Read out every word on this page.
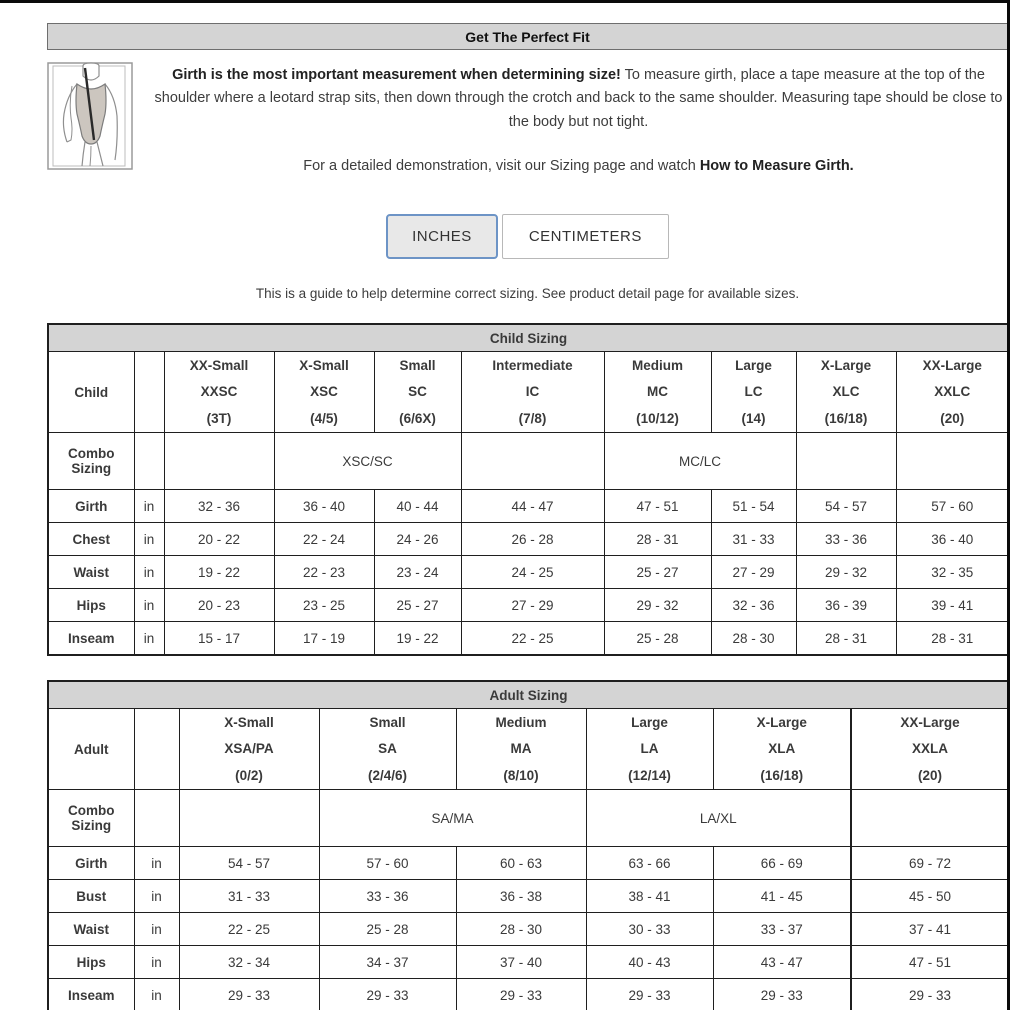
Get The Perfect Fit

Girth is the most important measurement when determining size! To measure girth, place a tape measure at the top of the shoulder where a leotard strap sits, then down through the crotch and back to the same shoulder. Measuring tape should be close to the body but not tight.

For a detailed demonstration, visit our Sizing page and watch How to Measure Girth.

INCHES	CENTIMETERS
This is a guide to help determine correct sizing. See product detail page for available sizes.
Child Sizing									
Child		XX-Small
XXSC
(3T)	X-Small
XSC
(4/5)	Small
SC
(6/6X)	Intermediate
IC
(7/8)	Medium
MC
(10/12)	Large
LC
(14)	X-Large
XLC
(16/18)	XX-Large
XXLC
(20)

Combo Sizing			XSC/SC			MC/LC			
Girth	in	32 - 36	36 - 40	40 - 44	44 - 47	47 - 51	51 - 54	54 - 57	57 - 60
Chest	in	20 - 22	22 - 24	24 - 26	26 - 28	28 - 31	31 - 33	33 - 36	36 - 40
Waist	in	19 - 22	22 - 23	23 - 24	24 - 25	25 - 27	27 - 29	29 - 32	32 - 35
Hips	in	20 - 23	23 - 25	25 - 27	27 - 29	29 - 32	32 - 36	36 - 39	39 - 41
Inseam	in	15 - 17	17 - 19	19 - 22	22 - 25	25 - 28	28 - 30	28 - 31	28 - 31
Adult Sizing							
Adult		X-Small
XSA/PA
(0/2)	Small
SA
(2/4/6)	Medium
MA
(8/10)	Large
LA
(12/14)	X-Large
XLA
(16/18)	XX-Large
XXLA
(20)

Combo Sizing			SA/MA		LA/XL		
Girth	in	54 - 57	57 - 60	60 - 63	63 - 66	66 - 69	69 - 72
Bust	in	31 - 33	33 - 36	36 - 38	38 - 41	41 - 45	45 - 50
Waist	in	22 - 25	25 - 28	28 - 30	30 - 33	33 - 37	37 - 41
Hips	in	32 - 34	34 - 37	37 - 40	40 - 43	43 - 47	47 - 51
Inseam	in	29 - 33	29 - 33	29 - 33	29 - 33	29 - 33	29 - 33
